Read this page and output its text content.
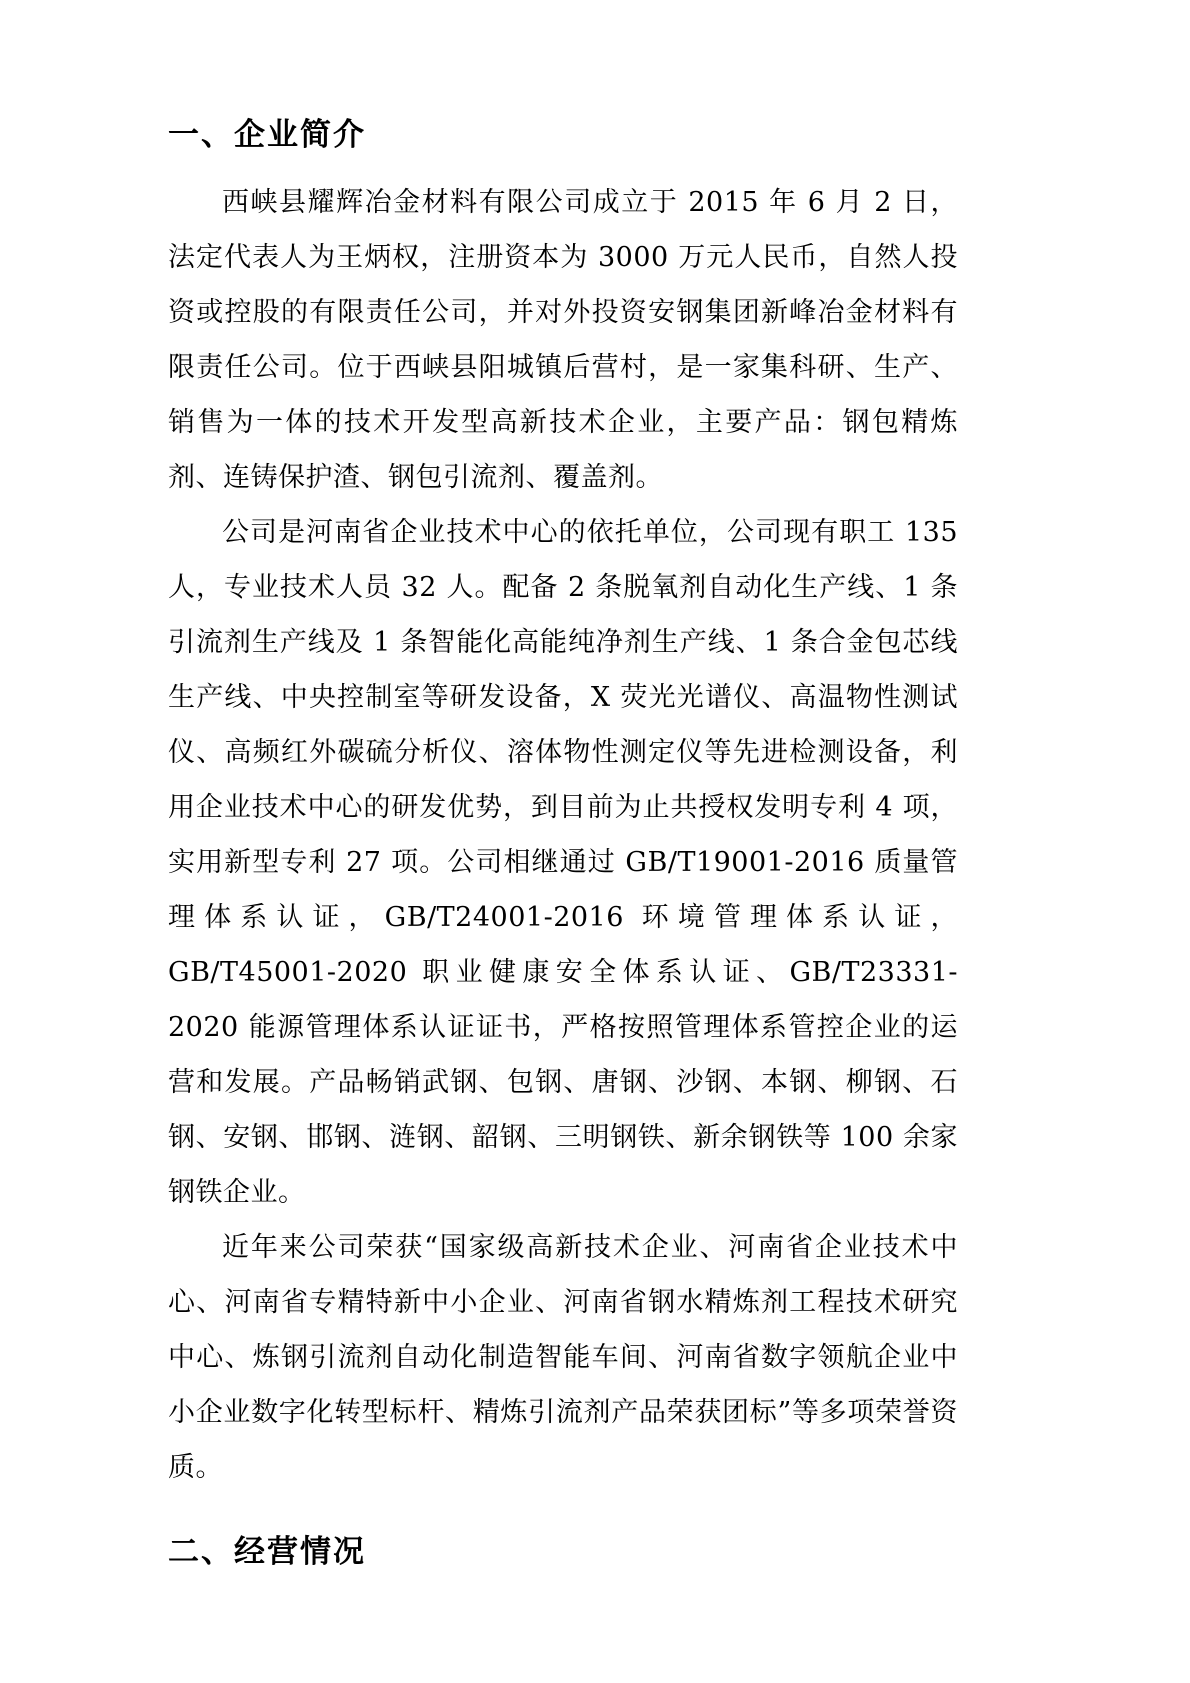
一、企业简介

西峡县耀辉冶金材料有限公司成立于 2015 年 6 月 2 日，法定代表人为王炳权，注册资本为 3000 万元人民币，自然人投资或控股的有限责任公司，并对外投资安钢集团新峰冶金材料有限责任公司。位于西峡县阳城镇后营村，是一家集科研、生产、销售为一体的技术开发型高新技术企业，主要产品：钢包精炼剂、连铸保护渣、钢包引流剂、覆盖剂。

公司是河南省企业技术中心的依托单位，公司现有职工 135 人，专业技术人员 32 人。配备 2 条脱氧剂自动化生产线、1 条引流剂生产线及 1 条智能化高能纯净剂生产线、1 条合金包芯线生产线、中央控制室等研发设备，X 荧光光谱仪、高温物性测试仪、高频红外碳硫分析仪、溶体物性测定仪等先进检测设备，利用企业技术中心的研发优势，到目前为止共授权发明专利 4 项，实用新型专利 27 项。公司相继通过 GB/T19001-2016 质量管理体系认证，GB/T24001-2016 环境管理体系认证，GB/T45001-2020 职业健康安全体系认证、GB/T23331-2020 能源管理体系认证证书，严格按照管理体系管控企业的运营和发展。产品畅销武钢、包钢、唐钢、沙钢、本钢、柳钢、石钢、安钢、邯钢、涟钢、韶钢、三明钢铁、新余钢铁等 100 余家钢铁企业。

近年来公司荣获“国家级高新技术企业、河南省企业技术中心、河南省专精特新中小企业、河南省钢水精炼剂工程技术研究中心、炼钢引流剂自动化制造智能车间、河南省数字领航企业中小企业数字化转型标杆、精炼引流剂产品荣获团标”等多项荣誉资质。

二、经营情况
